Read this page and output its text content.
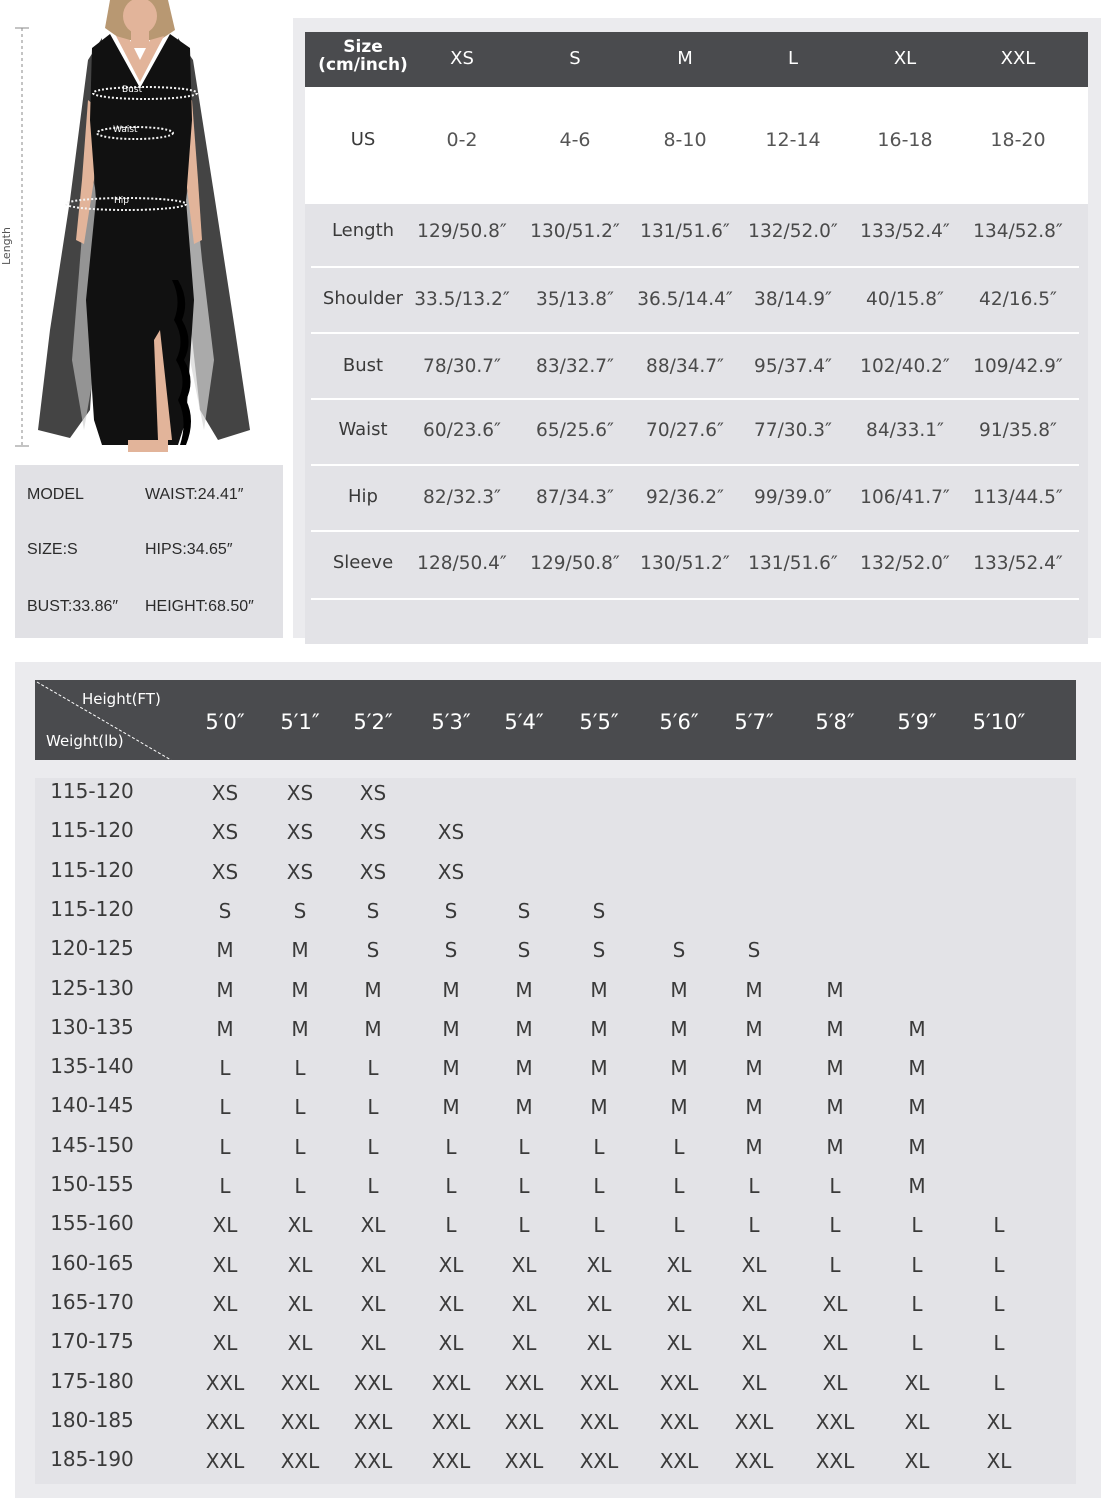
Length
Bust
Waist
Hip
MODEL	WAIST:24.41″
SIZE:S	HIPS:34.65″
BUST:33.86″ HEIGHT:68.50″
Size
(cm/inch) XS	S	M	L	XL	XXL
US	0-2	4-6	8-10	12-14	16-18	18-20
Length 129/50.8″ 130/51.2″ 131/51.6″ 132/52.0″ 133/52.4″ 134/52.8″
Shoulder 33.5/13.2″ 35/13.8″ 36.5/14.4″ 38/14.9″ 40/15.8″ 42/16.5″
Bust 78/30.7″ 83/32.7″ 88/34.7″ 95/37.4″ 102/40.2″ 109/42.9″
Waist 60/23.6″ 65/25.6″ 70/27.6″ 77/30.3″ 84/33.1″ 91/35.8″
Hip 82/32.3″ 87/34.3″ 92/36.2″ 99/39.0″ 106/41.7″ 113/44.5″
Sleeve 128/50.4″ 129/50.8″ 130/51.2″ 131/51.6″ 132/52.0″ 133/52.4″
Height(FT)
Weight(lb)
5′0″ 5′1″ 5′2″ 5′3″ 5′4″ 5′5″ 5′6″ 5′7″ 5′8″ 5′9″ 5′10″
115-120	XS XS XS
115-120	XS XS XS	XS
115-120	XS XS XS	XS
115-120	S	S	S	S	S	S
120-125	M	M	S	S	S	S	S	S
125-130	M	M	M	M	M	M	M	M	M
130-135	M	M	M	M	M	M	M	M	M	M
135-140	L	L	L	M	M	M	M	M	M	M
140-145	L	L	L	M	M	M	M	M	M	M
145-150	L	L	L	L	L	L	L	M	M	M
150-155	L	L	L	L	L	L	L	L	L	M
155-160	XL	XL XL	L	L	L	L	L	L	L	L
160-165	XL	XL XL	XL XL	XL	XL	XL	L	L	L
165-170	XL	XL XL	XL XL	XL	XL	XL	XL	L	L
170-175	XL	XL XL	XL XL	XL	XL	XL	XL	L	L
175-180	XXL XXL XXL XXL XXL XXL XXL XL	XL	XL	L
180-185	XXL XXL XXL XXL XXL XXL XXL XXL XXL	XL	XL
185-190	XXL XXL XXL XXL XXL XXL XXL XXL XXL	XL	XL
